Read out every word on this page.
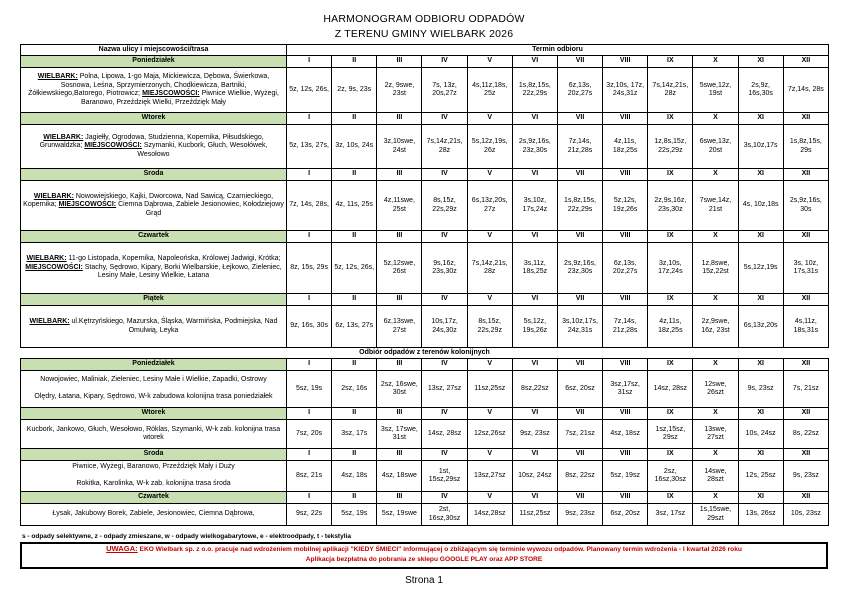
HARMONOGRAM ODBIORU ODPADÓW
Z TERENU GMINY WIELBARK 2026
Nazwa ulicy i miejscowości/trasa	Termin odbioru											
Poniedziałek	I	II	III	IV	V	VI	VII	VIII	IX	X	XI	XII
WIELBARK: Polna, Lipowa, 1-go Maja, Mickiewicza, Dębowa, Świerkowa, Sosnowa, Leśna, Sprzymierzonych, Chodkiewicza, Bartniki, Żółkiewskiego,Batorego, Piotrowicz; MIEJSCOWOŚCI: Piwnice Wielkie, Wyżegi, Baranowo, Przeździęk Wielki, Przeździęk Mały	5z, 12s, 26s,	2z, 9s, 23s	2z, 9swe, 23st	7s, 13z, 20s,27z	4s,11z,18s, 25z	1s,8z,15s, 22z,29s	6z,13s, 20z,27s	3z,10s, 17z, 24s,31z	7s,14z,21s, 28z	5swe,12z, 19st	2s,9z, 16s,30s	7z,14s, 28s
Wtorek	I	II	III	IV	V	VI	VII	VIII	IX	X	XI	XII
WIELBARK: Jagiełły, Ogrodowa, Studzienna, Kopernika, Piłsudskiego, Grunwaldzka; MIEJSCOWOŚCI: Szymanki, Kucbork, Głuch, Wesołówek, Wesołowo	5z, 13s, 27s,	3z, 10s, 24s	3z,10swe, 24st	7s,14z,21s, 28z	5s,12z,19s, 26z	2s,9z,16s, 23z,30s	7z,14s, 21z,28s	4z,11s, 18z,25s	1z,8s,15z, 22s,29z	6swe,13z, 20st	3s,10z,17s	1s,8z,15s, 29s
Środa	I	II	III	IV	V	VI	VII	VIII	IX	X	XI	XII
WIELBARK: Nowowiejskiego, Kajki, Dworcowa, Nad Sawicą, Czarnieckiego, Kopernika; MIEJSCOWOŚCI: Ciemna Dąbrowa, Zabiele Jesionowiec, Kołodziejowy Grąd	7z, 14s, 28s,	4z, 11s, 25s	4z,11swe, 25st	8s,15z, 22s,29z	6s,13z,20s, 27z	3s,10z, 17s,24z	1s,8z,15s, 22z,29s	5z,12s, 19z,26s	2z,9s,16z, 23s,30z	7swe,14z, 21st	4s, 10z,18s	2s,9z,16s, 30s
Czwartek	I	II	III	IV	V	VI	VII	VIII	IX	X	XI	XII
WIELBARK: 11-go Listopada, Kopernika, Napoleońska, Królowej Jadwigi, Krótka; MIEJSCOWOŚCI: Stachy, Sędrowo, Kipary, Borki Wielbarskie, Łejkowo, Zieleniec, Lesiny Małe, Lesiny Wielkie, Łatana	8z, 15s, 29s	5z, 12s, 26s,	5z,12swe, 26st	9s,16z, 23s,30z	7s,14z,21s, 28z	3s,11z, 18s,25z	2s,9z,16s, 23z,30s	6z,13s, 20z,27s	3z,10s, 17z,24s	1z,8swe, 15z,22st	5s,12z,19s	3s, 10z, 17s,31s
Piątek	I	II	III	IV	V	VI	VII	VIII	IX	X	XI	XII
WIELBARK: ul.Kętrzyńskiego, Mazurska, Śląska, Warmińska, Podmiejska, Nad Omulwią, Leyka	9z, 16s, 30s	6z, 13s, 27s	6z,13swe, 27st	10s,17z, 24s,30z	8s,15z, 22s,29z	5s,12z, 19s,26z	3s,10z,17s, 24z,31s	7z,14s, 21z,28s	4z,11s, 18z,25s	2z,9swe, 16z, 23st	6s,13z,20s	4s,11z, 18s,31s
Odbiór odpadów z terenów kolonijnych												
Poniedziałek	I	II	III	IV	V	VI	VII	VIII	IX	X	XI	XII
Nowojowiec, Maliniak, Zieleniec, Lesiny Małe i Wielkie, Zapadki, Ostrowy

Olędry, Łatana, Kipary, Sędrowo, W-k zabudowa kolonijna trasa poniedziałek	5sz, 19s	2sz, 16s	2sz, 16swe, 30st	13sz, 27sz	11sz,25sz	8sz,22sz	6sz, 20sz	3sz,17sz, 31sz	14sz, 28sz	12swe, 26szt	9s, 23sz	7s, 21sz
Wtorek	I	II	III	IV	V	VI	VII	VIII	IX	X	XI	XII
Kucbork, Jankowo, Głuch, Wesołowo, Róklas, Szymanki, W-k zab. kolonijna trasa wtorek	7sz, 20s	3sz, 17s	3sz, 17swe, 31st	14sz, 28sz	12sz,26sz	9sz, 23sz	7sz, 21sz	4sz, 18sz	1sz,15sz, 29sz	13swe, 27szt	10s, 24sz	8s, 22sz
Środa	I	II	III	IV	V	VI	VII	VIII	IX	X	XI	XII
Piwnice, Wyżegi, Baranowo, Przeździęk Mały i Duży

Rokitka, Karolinka, W-k zab. kolonijna trasa środa	8sz, 21s	4sz, 18s	4sz, 18swe	1st, 15sz,29sz	13sz,27sz	10sz, 24sz	8sz, 22sz	5sz, 19sz	2sz, 16sz,30sz	14swe, 28szt	12s, 25sz	9s, 23sz
Czwartek	I	II	III	IV	V	VI	VII	VIII	IX	X	XI	XII
Łysak, Jakubowy Borek, Zabiele, Jesionowiec, Ciemna Dąbrowa,	9sz, 22s	5sz, 19s	5sz, 19swe	2st, 16sz,30sz	14sz,28sz	11sz,25sz	9sz, 23sz	6sz, 20sz	3sz, 17sz	1s,15swe, 29szt	13s, 26sz	10s, 23sz
s - odpady selektywne, z - odpady zmieszane, w - odpady wielkogabarytowe, e - elektroodpady, t - tekstylia
UWAGA: EKO Wielbark sp. z o.o. pracuje nad wdrożeniem mobilnej aplikacji "KIEDY ŚMIECI" informującej o zbliżającym się terminie wywozu odpadów. Planowany termin wdrożenia - I kwartał 2026 roku
Aplikacja bezpłatna do pobrania ze sklepu GOOGLE PLAY oraz APP STORE
Strona 1
